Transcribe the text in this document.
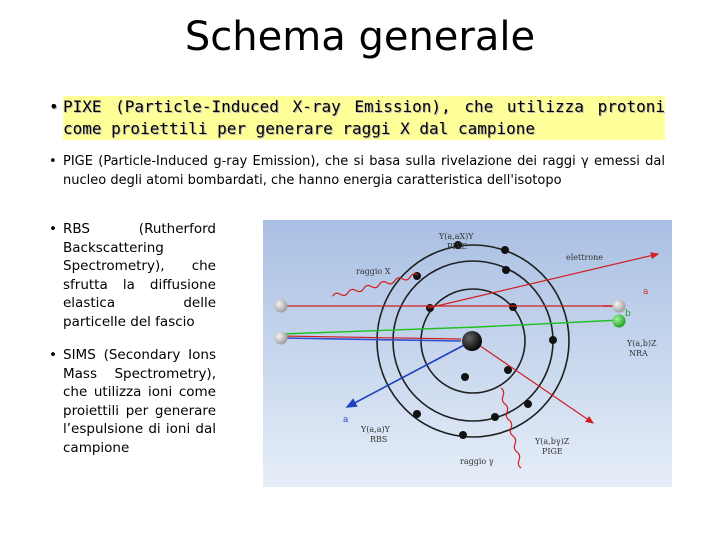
Schema generale
• PIXE (Particle-Induced X-ray Emission), che utilizza protoni come proiettili per generare raggi X dal campione
• PIGE (Particle-Induced g-ray Emission), che si basa sulla rivelazione dei raggi γ emessi dal nucleo degli atomi bombardati, che hanno energia caratteristica dell'isotopo
• RBS (Rutherford Backscattering Spectrometry), che sfrutta la diffusione elastica delle particelle del fascio
• SIMS (Secondary Ions Mass Spectrometry), che utilizza ioni come proiettili per generare l’espulsione di ioni dal campione
Y(a,aX)Y
PIXE
raggio X
elettrone
a
b
Y(a,b)Z
NRA
a
Y(a,a)Y
RBS	Y(a,bγ)Z
PIGE
raggio γ
